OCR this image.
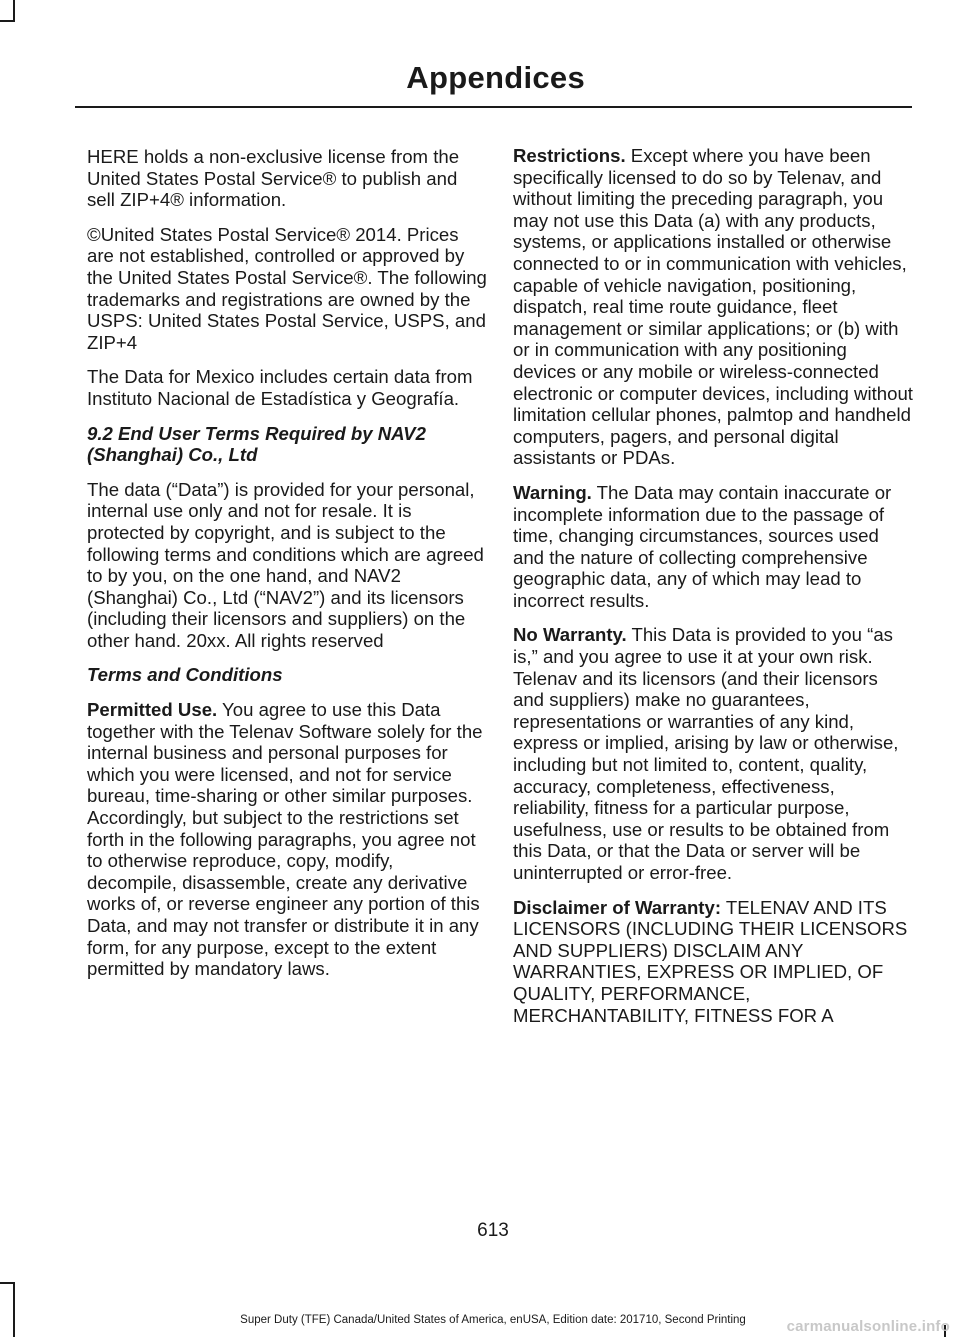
Appendices

HERE holds a non-exclusive license from the United States Postal Service® to publish and sell ZIP+4® information.

©United States Postal Service® 2014. Prices are not established, controlled or approved by the United States Postal Service®. The following trademarks and registrations are owned by the USPS: United States Postal Service, USPS, and ZIP+4

The Data for Mexico includes certain data from Instituto Nacional de Estadística y Geografía.

9.2 End User Terms Required by NAV2 (Shanghai) Co., Ltd

The data (“Data”) is provided for your personal, internal use only and not for resale. It is protected by copyright, and is subject to the following terms and conditions which are agreed to by you, on the one hand, and NAV2 (Shanghai) Co., Ltd (“NAV2”) and its licensors (including their licensors and suppliers) on the other hand. 20xx. All rights reserved

Terms and Conditions

Permitted Use. You agree to use this Data together with the Telenav Software solely for the internal business and personal purposes for which you were licensed, and not for service bureau, time-sharing or other similar purposes. Accordingly, but subject to the restrictions set forth in the following paragraphs, you agree not to otherwise reproduce, copy, modify, decompile, disassemble, create any derivative works of, or reverse engineer any portion of this Data, and may not transfer or distribute it in any form, for any purpose, except to the extent permitted by mandatory laws.

Restrictions. Except where you have been specifically licensed to do so by Telenav, and without limiting the preceding paragraph, you may not use this Data (a) with any products, systems, or applications installed or otherwise connected to or in communication with vehicles, capable of vehicle navigation, positioning, dispatch, real time route guidance, fleet management or similar applications; or (b) with or in communication with any positioning devices or any mobile or wireless-connected electronic or computer devices, including without limitation cellular phones, palmtop and handheld computers, pagers, and personal digital assistants or PDAs.

Warning. The Data may contain inaccurate or incomplete information due to the passage of time, changing circumstances, sources used and the nature of collecting comprehensive geographic data, any of which may lead to incorrect results.

No Warranty. This Data is provided to you “as is,” and you agree to use it at your own risk. Telenav and its licensors (and their licensors and suppliers) make no guarantees, representations or warranties of any kind, express or implied, arising by law or otherwise, including but not limited to, content, quality, accuracy, completeness, effectiveness, reliability, fitness for a particular purpose, usefulness, use or results to be obtained from this Data, or that the Data or server will be uninterrupted or error-free.

Disclaimer of Warranty: TELENAV AND ITS LICENSORS (INCLUDING THEIR LICENSORS AND SUPPLIERS) DISCLAIM ANY WARRANTIES, EXPRESS OR IMPLIED, OF QUALITY, PERFORMANCE, MERCHANTABILITY, FITNESS FOR A

613
Super Duty (TFE) Canada/United States of America, enUSA, Edition date: 201710, Second Printing	carmanualsonline.info
